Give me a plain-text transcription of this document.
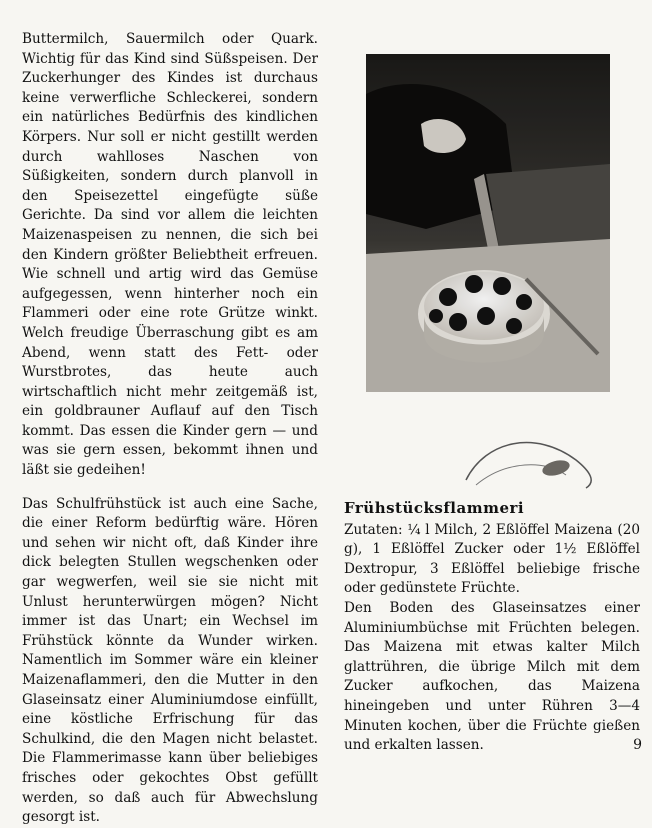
Buttermilch, Sauermilch oder Quark. Wichtig für das Kind sind Süßspeisen. Der Zuckerhunger des Kindes ist durchaus keine verwerfliche Schleckerei, sondern ein natürliches Bedürfnis des kindlichen Körpers. Nur soll er nicht gestillt werden durch wahlloses Naschen von Süßigkeiten, sondern durch planvoll in den Speisezettel eingefügte süße Gerichte. Da sind vor allem die leichten Maizenaspeisen zu nennen, die sich bei den Kindern größter Beliebtheit erfreuen. Wie schnell und artig wird das Gemüse aufgegessen, wenn hinterher noch ein Flammeri oder eine rote Grütze winkt. Welch freudige Überraschung gibt es am Abend, wenn statt des Fett- oder Wurstbrotes, das heute auch wirtschaftlich nicht mehr zeitgemäß ist, ein goldbrauner Auflauf auf den Tisch kommt. Das essen die Kinder gern — und was sie gern essen, bekommt ihnen und läßt sie gedeihen!

Das Schulfrühstück ist auch eine Sache, die einer Reform bedürftig wäre. Hören und sehen wir nicht oft, daß Kinder ihre dick belegten Stullen wegschenken oder gar wegwerfen, weil sie sie nicht mit Unlust herunterwürgen mögen? Nicht immer ist das Unart; ein Wechsel im Frühstück könnte da Wunder wirken. Namentlich im Sommer wäre ein kleiner Maizenaflammeri, den die Mutter in den Glaseinsatz einer Aluminiumdose einfüllt, eine köstliche Erfrischung für das Schulkind, die den Magen nicht belastet. Die Flammerimasse kann über beliebiges frisches oder gekochtes Obst gefüllt werden, so daß auch für Abwechslung gesorgt ist.

Frühstücksflammeri

Zutaten: ¼ l Milch, 2 Eßlöffel Maizena (20 g), 1 Eßlöffel Zucker oder 1½ Eßlöffel Dextropur, 3 Eßlöffel beliebige frische oder gedünstete Früchte.

Den Boden des Glaseinsatzes einer Aluminiumbüchse mit Früchten belegen. Das Maizena mit etwas kalter Milch glattrühren, die übrige Milch mit dem Zucker aufkochen, das Maizena hineingeben und unter Rühren 3—4 Minuten kochen, über die Früchte gießen und erkalten lassen.	9
